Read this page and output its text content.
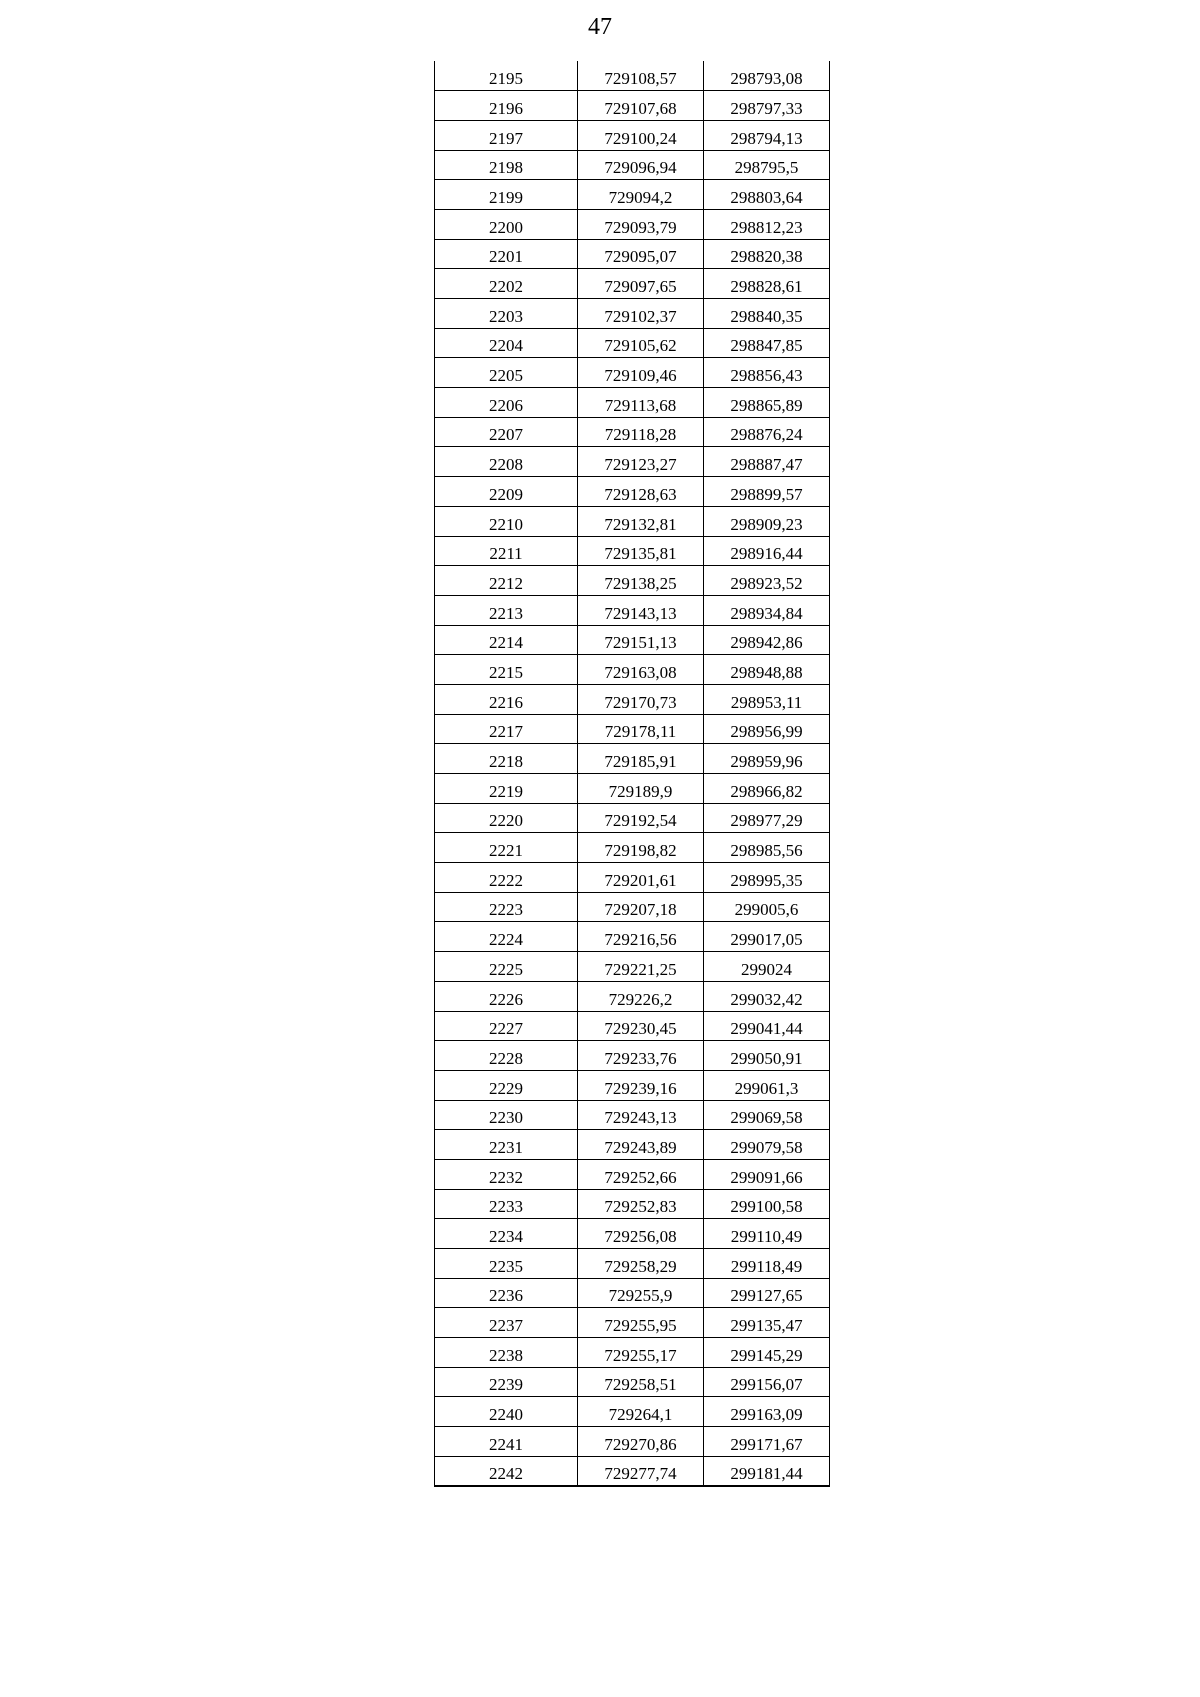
47
2195	729108,57	298793,08
2196	729107,68	298797,33
2197	729100,24	298794,13
2198	729096,94	298795,5
2199	729094,2	298803,64
2200	729093,79	298812,23
2201	729095,07	298820,38
2202	729097,65	298828,61
2203	729102,37	298840,35
2204	729105,62	298847,85
2205	729109,46	298856,43
2206	729113,68	298865,89
2207	729118,28	298876,24
2208	729123,27	298887,47
2209	729128,63	298899,57
2210	729132,81	298909,23
2211	729135,81	298916,44
2212	729138,25	298923,52
2213	729143,13	298934,84
2214	729151,13	298942,86
2215	729163,08	298948,88
2216	729170,73	298953,11
2217	729178,11	298956,99
2218	729185,91	298959,96
2219	729189,9	298966,82
2220	729192,54	298977,29
2221	729198,82	298985,56
2222	729201,61	298995,35
2223	729207,18	299005,6
2224	729216,56	299017,05
2225	729221,25	299024
2226	729226,2	299032,42
2227	729230,45	299041,44
2228	729233,76	299050,91
2229	729239,16	299061,3
2230	729243,13	299069,58
2231	729243,89	299079,58
2232	729252,66	299091,66
2233	729252,83	299100,58
2234	729256,08	299110,49
2235	729258,29	299118,49
2236	729255,9	299127,65
2237	729255,95	299135,47
2238	729255,17	299145,29
2239	729258,51	299156,07
2240	729264,1	299163,09
2241	729270,86	299171,67
2242	729277,74	299181,44
